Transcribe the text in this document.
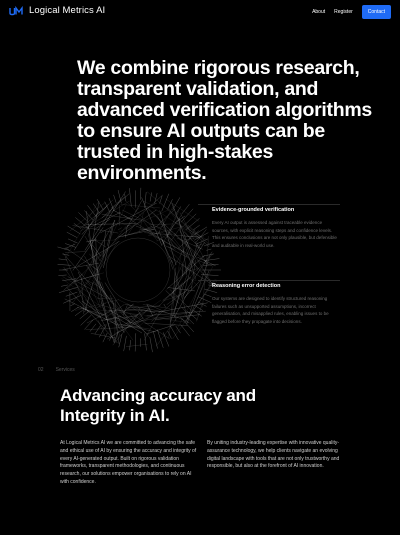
Logical Metrics AI	About Register	Contact
We combine rigorous research, transparent validation, and advanced verification algorithms to ensure AI outputs can be trusted in high-stakes environments.
Evidence-grounded verification

Every AI output is assessed against traceable evidence sources, with explicit reasoning steps and confidence levels. This ensures conclusions are not only plausible, but defensible and auditable in real-world use.

Reasoning error detection

Our systems are designed to identify structured reasoning failures such as unsupported assumptions, incorrect generalisation, and misapplied rules, enabling issues to be flagged before they propagate into decisions.

02 Services
Advancing accuracy and Integrity in AI.

At Logical Metrics AI we are committed to advancing the safe and ethical use of AI by ensuring the accuracy and integrity of every AI-generated output. Built on rigorous validation frameworks, transparent methodologies, and continuous research, our solutions empower organisations to rely on AI with confidence.

By uniting industry-leading expertise with innovative quality-assurance technology, we help clients navigate an evolving digital landscape with tools that are not only trustworthy and responsible, but also at the forefront of AI innovation.
